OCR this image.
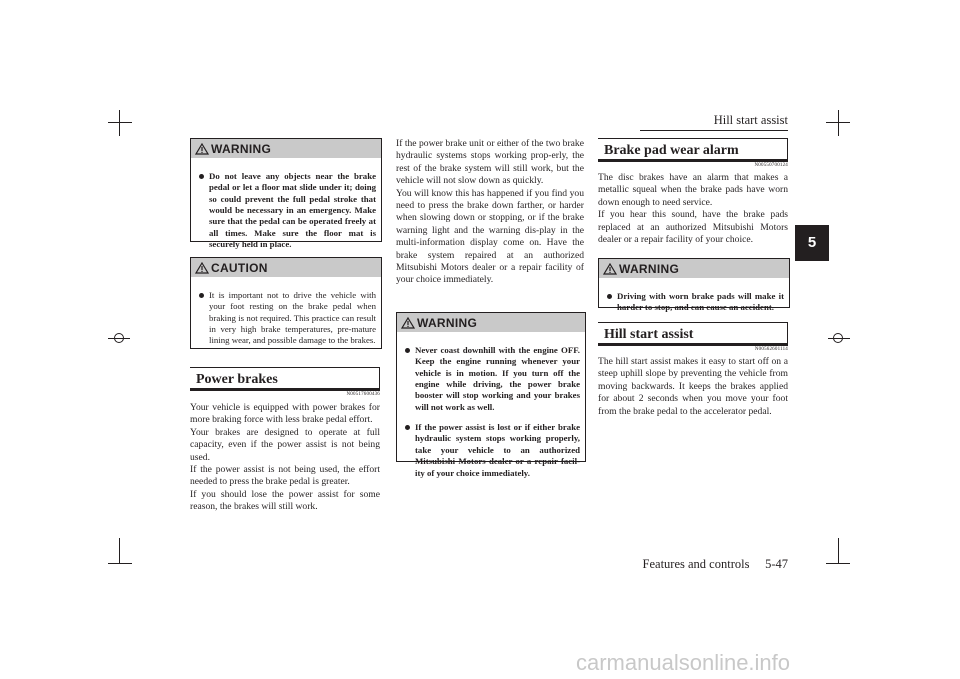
Hill start assist
5
WARNING

Do not leave any objects near the brake pedal or let a floor mat slide under it; doing so could prevent the full pedal stroke that would be necessary in an emergency. Make sure that the pedal can be operated freely at all times. Make sure the floor mat is securely held in place.

CAUTION

It is important not to drive the vehicle with your foot resting on the brake pedal when braking is not required. This practice can result in very high brake temperatures, pre-mature lining wear, and possible damage to the brakes.

Power brakes
N00517600436

Your vehicle is equipped with power brakes for more braking force with less brake pedal effort.

Your brakes are designed to operate at full capacity, even if the power assist is not being used.

If the power assist is not being used, the effort needed to press the brake pedal is greater.

If you should lose the power assist for some reason, the brakes will still work.

If the power brake unit or either of the two brake hydraulic systems stops working prop-erly, the rest of the brake system will still work, but the vehicle will not slow down as quickly.

You will know this has happened if you find you need to press the brake down farther, or harder when slowing down or stopping, or if the brake warning light and the warning dis-play in the multi-information display come on. Have the brake system repaired at an authorized Mitsubishi Motors dealer or a repair facility of your choice immediately.

WARNING

Never coast downhill with the engine OFF. Keep the engine running whenever your vehicle is in motion. If you turn off the engine while driving, the power brake booster will stop working and your brakes will not work as well.

If the power assist is lost or if either brake hydraulic system stops working properly, take your vehicle to an authorized Mitsubishi Motors dealer or a repair facil-ity of your choice immediately.

Brake pad wear alarm
N00550700124

The disc brakes have an alarm that makes a metallic squeal when the brake pads have worn down enough to need service.

If you hear this sound, have the brake pads replaced at an authorized Mitsubishi Motors dealer or a repair facility of your choice.

WARNING

Driving with worn brake pads will make it harder to stop, and can cause an accident.

Hill start assist
N00562601114

The hill start assist makes it easy to start off on a steep uphill slope by preventing the vehicle from moving backwards. It keeps the brakes applied for about 2 seconds when you move your foot from the brake pedal to the accelerator pedal.

Features and controls 5-47
carmanualsonline.info
